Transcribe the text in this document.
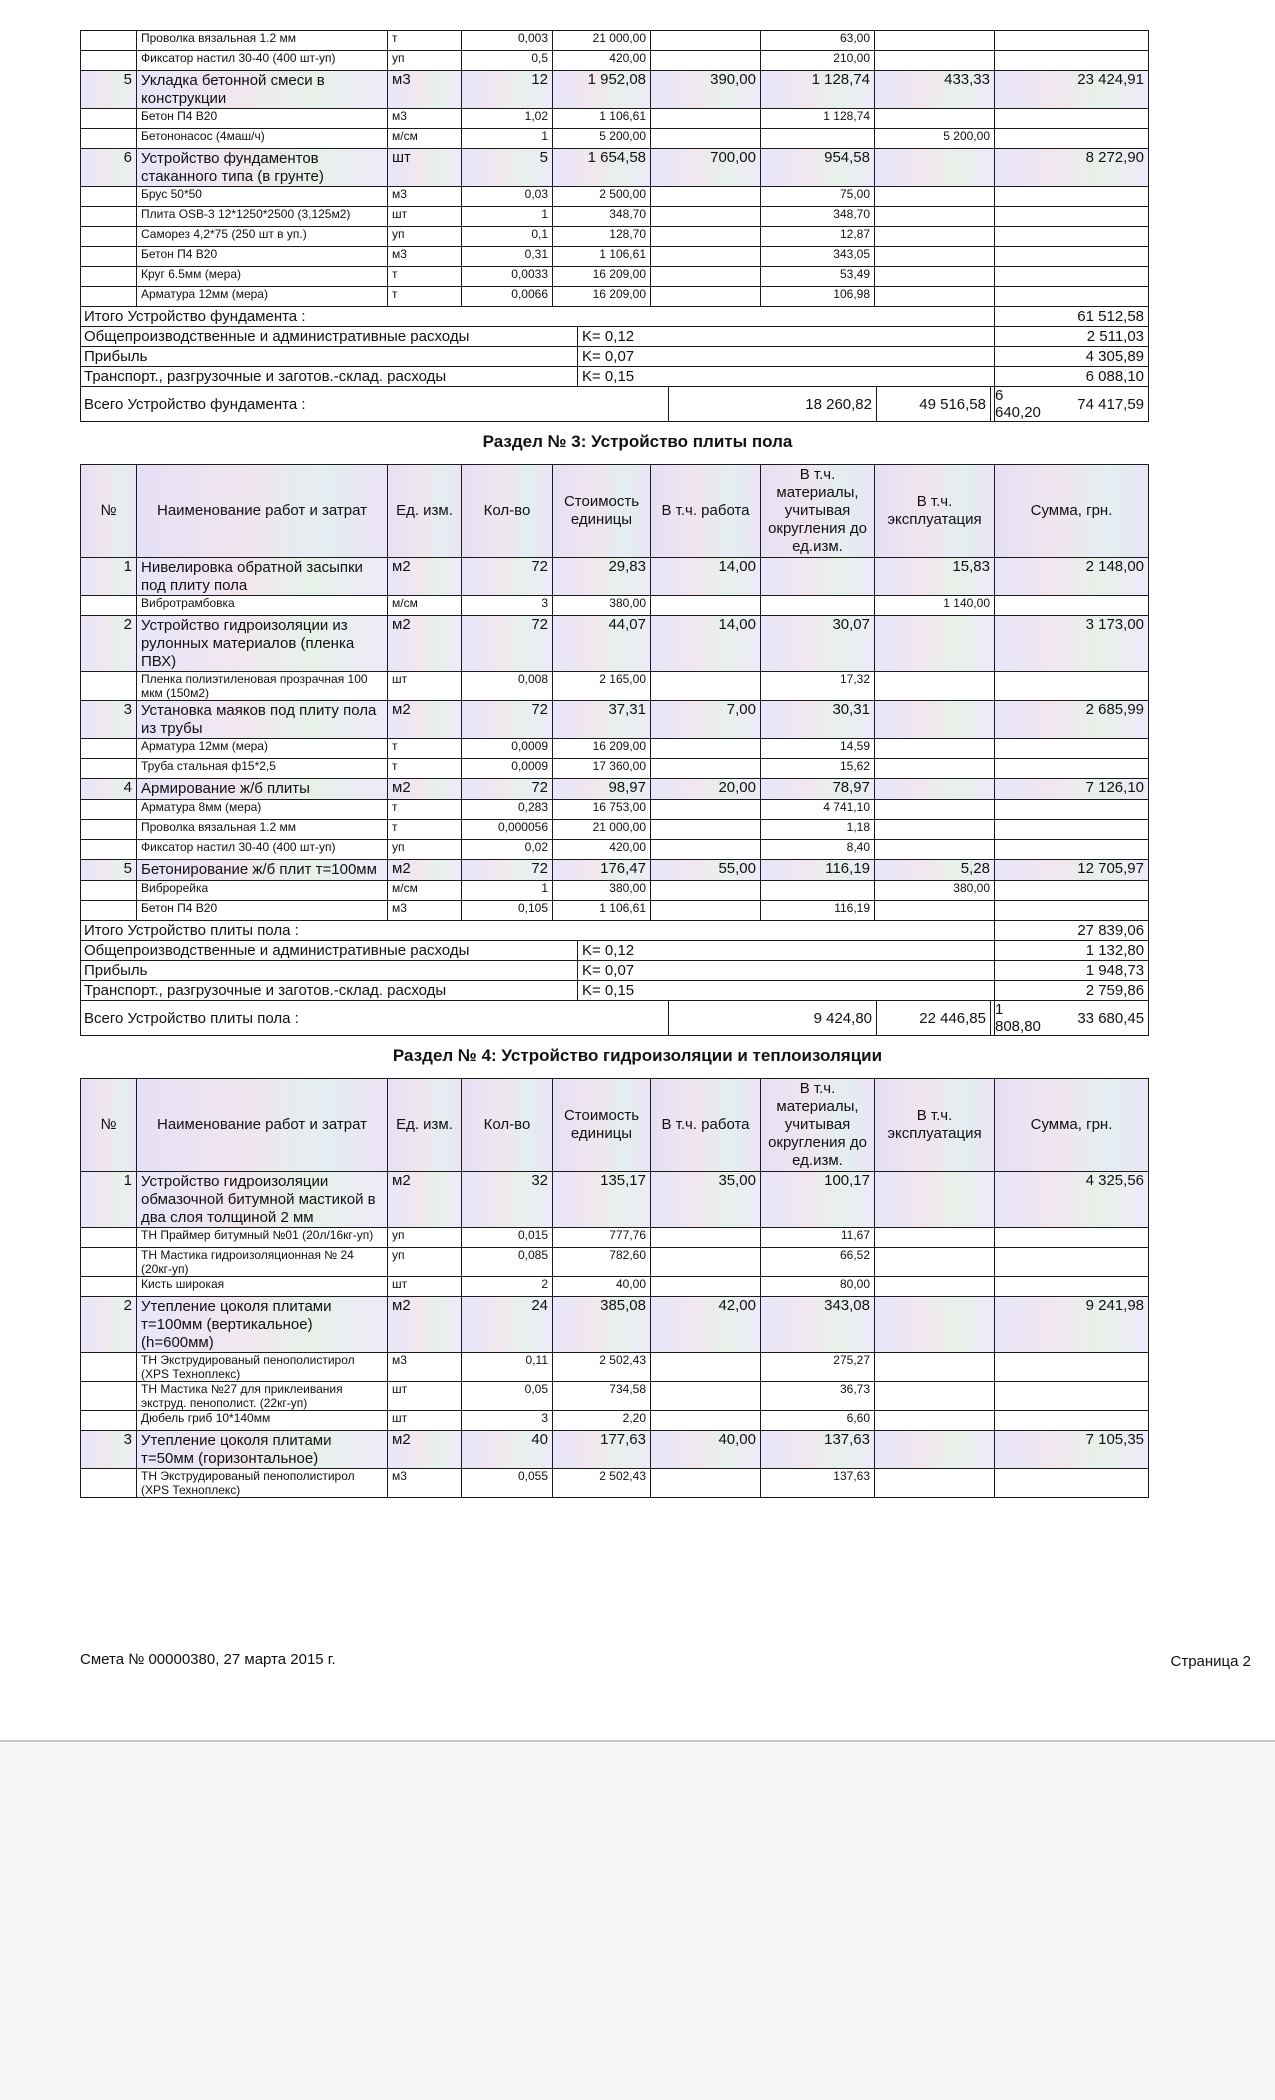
	Проволка вязальная 1.2 мм	т	0,003	21 000,00		63,00		
	Фиксатор настил 30-40 (400 шт-уп)	уп	0,5	420,00		210,00		
5	Укладка бетонной смеси в конструкции	м3	12	1 952,08	390,00	1 128,74	433,33	23 424,91
	Бетон П4 В20	м3	1,02	1 106,61		1 128,74		
	Бетононасос (4маш/ч)	м/см	1	5 200,00			5 200,00	
6	Устройство фундаментов стаканного типа (в грунте)	шт	5	1 654,58	700,00	954,58		8 272,90
	Брус 50*50	м3	0,03	2 500,00		75,00		
	Плита OSB-3 12*1250*2500 (3,125м2)	шт	1	348,70		348,70		
	Саморез 4,2*75 (250 шт в уп.)	уп	0,1	128,70		12,87		
	Бетон П4 В20	м3	0,31	1 106,61		343,05		
	Круг 6.5мм (мера)	т	0,0033	16 209,00		53,49		
	Арматура 12мм (мера)	т	0,0066	16 209,00		106,98		
Итого Устройство фундамента :					61 512,58
Общепроизводственные и административные расходы	K= 0,12				2 511,03
Прибыль	K= 0,07				4 305,89
Транспорт., разгрузочные и заготов.-склад. расходы	K= 0,15				6 088,10
Всего Устройство фундамента :		18 260,82	49 516,58	6 640,20	74 417,59
Раздел № 3: Устройство плиты пола
№	Наименование работ и затрат	Ед. изм.	Кол-во	Стоимость единицы	В т.ч. работа	В т.ч. материалы, учитывая округления до ед.изм.	В т.ч. эксплуатация	Сумма, грн.
1	Нивелировка обратной засыпки под плиту пола	м2	72	29,83	14,00		15,83	2 148,00
	Вибротрамбовка	м/см	3	380,00			1 140,00	
2	Устройство гидроизоляции из рулонных материалов (пленка ПВХ)	м2	72	44,07	14,00	30,07		3 173,00
	Пленка полиэтиленовая прозрачная 100 мкм (150м2)	шт	0,008	2 165,00		17,32		
3	Установка маяков под плиту пола из трубы	м2	72	37,31	7,00	30,31		2 685,99
	Арматура 12мм (мера)	т	0,0009	16 209,00		14,59		
	Труба стальная ф15*2,5	т	0,0009	17 360,00		15,62		
4	Армирование ж/б плиты	м2	72	98,97	20,00	78,97		7 126,10
	Арматура 8мм (мера)	т	0,283	16 753,00		4 741,10		
	Проволка вязальная 1.2 мм	т	0,000056	21 000,00		1,18		
	Фиксатор настил 30-40 (400 шт-уп)	уп	0,02	420,00		8,40		
5	Бетонирование ж/б плит т=100мм	м2	72	176,47	55,00	116,19	5,28	12 705,97
	Виброрейка	м/см	1	380,00			380,00	
	Бетон П4 В20	м3	0,105	1 106,61		116,19		
Итого Устройство плиты пола :					27 839,06
Общепроизводственные и административные расходы	K= 0,12				1 132,80
Прибыль	K= 0,07				1 948,73
Транспорт., разгрузочные и заготов.-склад. расходы	K= 0,15				2 759,86
Всего Устройство плиты пола :		9 424,80	22 446,85	1 808,80	33 680,45
Раздел № 4: Устройство гидроизоляции и теплоизоляции
№	Наименование работ и затрат	Ед. изм.	Кол-во	Стоимость единицы	В т.ч. работа	В т.ч. материалы, учитывая округления до ед.изм.	В т.ч. эксплуатация	Сумма, грн.
1	Устройство гидроизоляции обмазочной битумной мастикой в два слоя толщиной 2 мм	м2	32	135,17	35,00	100,17		4 325,56
	ТН Праймер битумный №01 (20л/16кг-уп)	уп	0,015	777,76		11,67		
	ТН Мастика гидроизоляционная № 24 (20кг-уп)	уп	0,085	782,60		66,52		
	Кисть широкая	шт	2	40,00		80,00		
2	Утепление цоколя плитами т=100мм (вертикальное) (h=600мм)	м2	24	385,08	42,00	343,08		9 241,98
	ТН Экструдированый пенополистирол (XPS Техноплекс)	м3	0,11	2 502,43		275,27		
	ТН Мастика №27 для приклеивания экструд. пенополист. (22кг-уп)	шт	0,05	734,58		36,73		
	Дюбель гриб 10*140мм	шт	3	2,20		6,60		
3	Утепление цоколя плитами т=50мм (горизонтальное)	м2	40	177,63	40,00	137,63		7 105,35
	ТН Экструдированый пенополистирол (XPS Техноплекс)	м3	0,055	2 502,43		137,63		
Смета № 00000380, 27 марта 2015 г.	Страница 2
